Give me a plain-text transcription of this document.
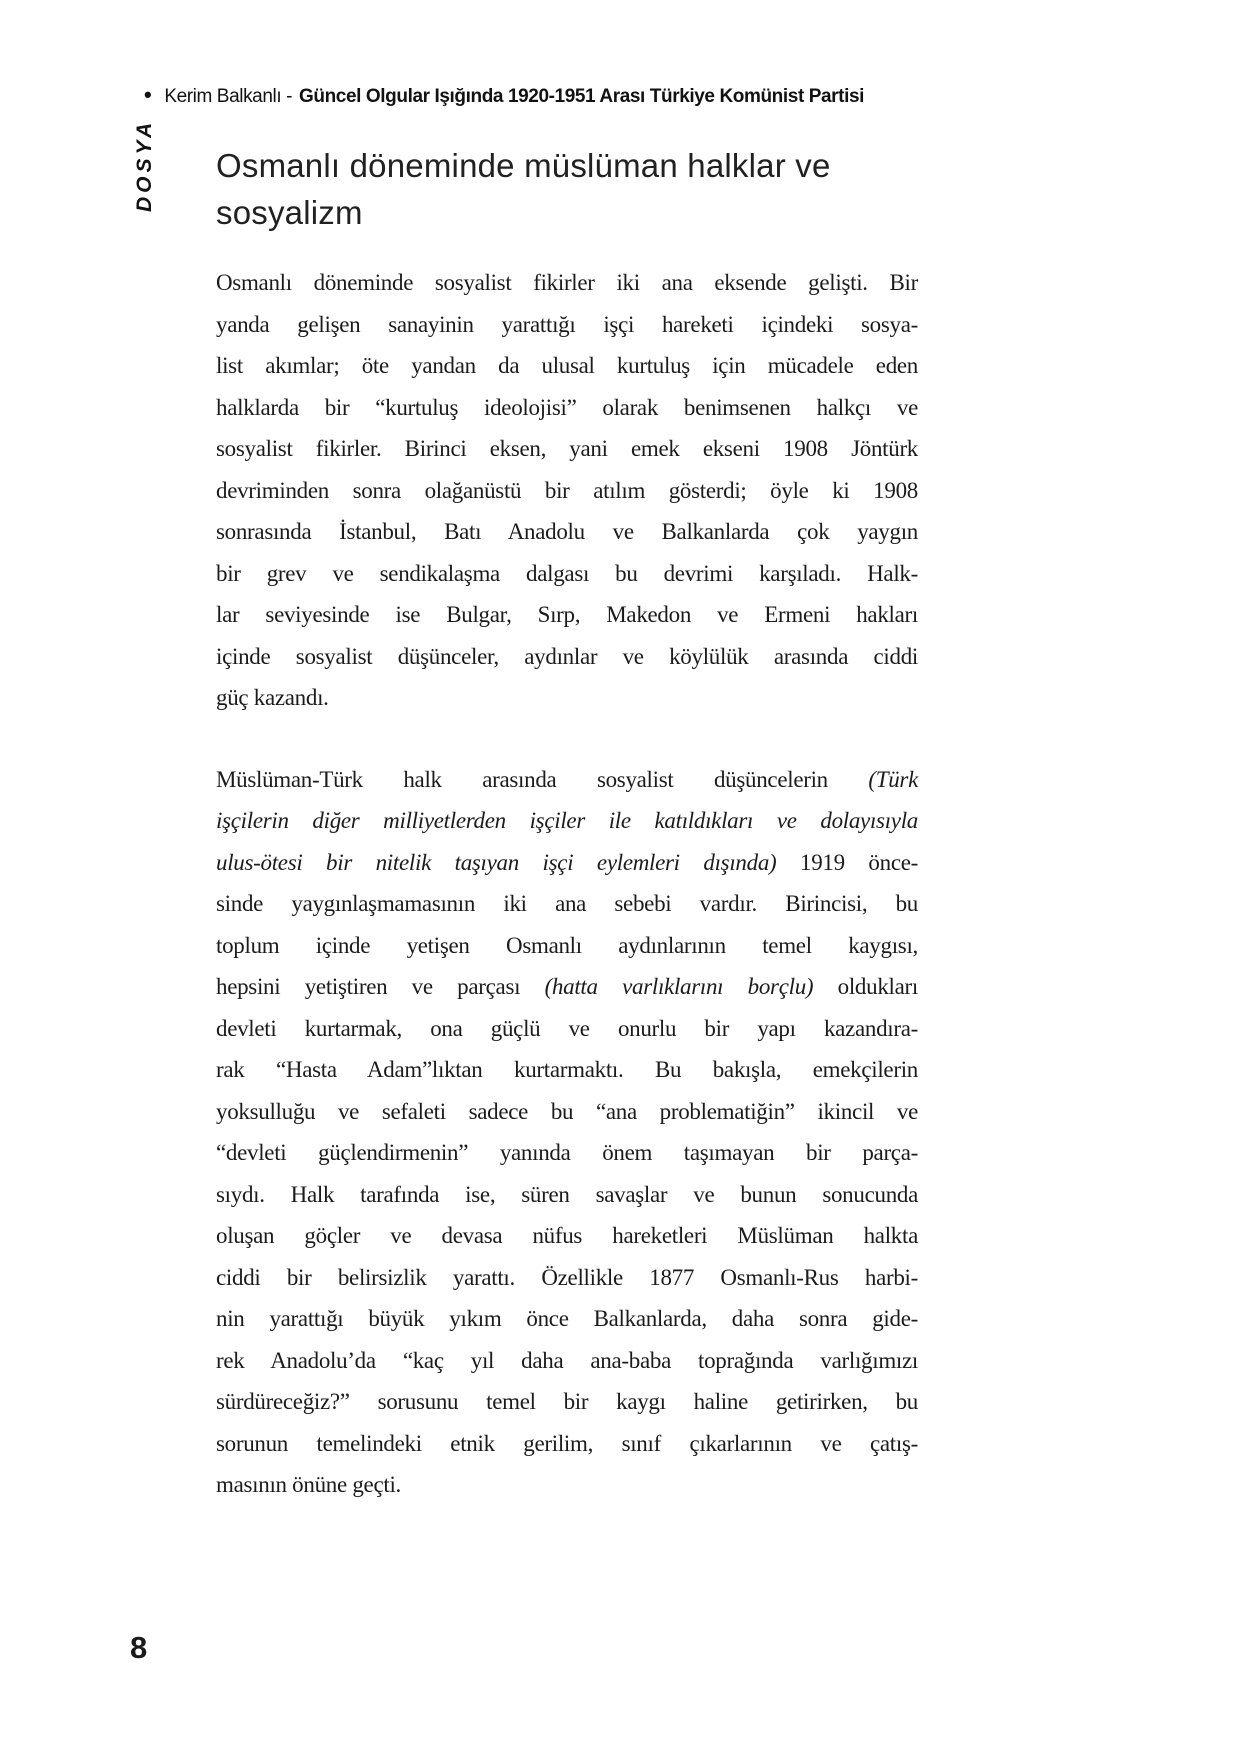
• Kerim Balkanlı - Güncel Olgular Işığında 1920-1951 Arası Türkiye Komünist Partisi
DOSYA Osmanlı döneminde müslüman halklar ve
sosyalizm
Osmanlı döneminde sosyalist fikirler iki ana eksende gelişti. Bir
yanda gelişen sanayinin yarattığı işçi hareketi içindeki sosya-
list akımlar; öte yandan da ulusal kurtuluş için mücadele eden
halklarda bir “kurtuluş ideolojisi” olarak benimsenen halkçı ve
sosyalist fikirler. Birinci eksen, yani emek ekseni 1908 Jöntürk
devriminden sonra olağanüstü bir atılım gösterdi; öyle ki 1908
sonrasında İstanbul, Batı Anadolu ve Balkanlarda çok yaygın
bir grev ve sendikalaşma dalgası bu devrimi karşıladı. Halk-
lar seviyesinde ise Bulgar, Sırp, Makedon ve Ermeni hakları
içinde sosyalist düşünceler, aydınlar ve köylülük arasında ciddi
güç kazandı.
Müslüman-Türk halk arasında sosyalist düşüncelerin (Türk
işçilerin diğer milliyetlerden işçiler ile katıldıkları ve dolayısıyla
ulus-ötesi bir nitelik taşıyan işçi eylemleri dışında) 1919 önce-
sinde yaygınlaşmamasının iki ana sebebi vardır. Birincisi, bu
toplum içinde yetişen Osmanlı aydınlarının temel kaygısı,
hepsini yetiştiren ve parçası (hatta varlıklarını borçlu) oldukları
devleti kurtarmak, ona güçlü ve onurlu bir yapı kazandıra-
rak “Hasta Adam”lıktan kurtarmaktı. Bu bakışla, emekçilerin
yoksulluğu ve sefaleti sadece bu “ana problematiğin” ikincil ve
“devleti güçlendirmenin” yanında önem taşımayan bir parça-
sıydı. Halk tarafında ise, süren savaşlar ve bunun sonucunda
oluşan göçler ve devasa nüfus hareketleri Müslüman halkta
ciddi bir belirsizlik yarattı. Özellikle 1877 Osmanlı-Rus harbi-
nin yarattığı büyük yıkım önce Balkanlarda, daha sonra gide-
rek Anadolu’da “kaç yıl daha ana-baba toprağında varlığımızı
sürdüreceğiz?” sorusunu temel bir kaygı haline getirirken, bu
sorunun temelindeki etnik gerilim, sınıf çıkarlarının ve çatış-
masının önüne geçti.
8
